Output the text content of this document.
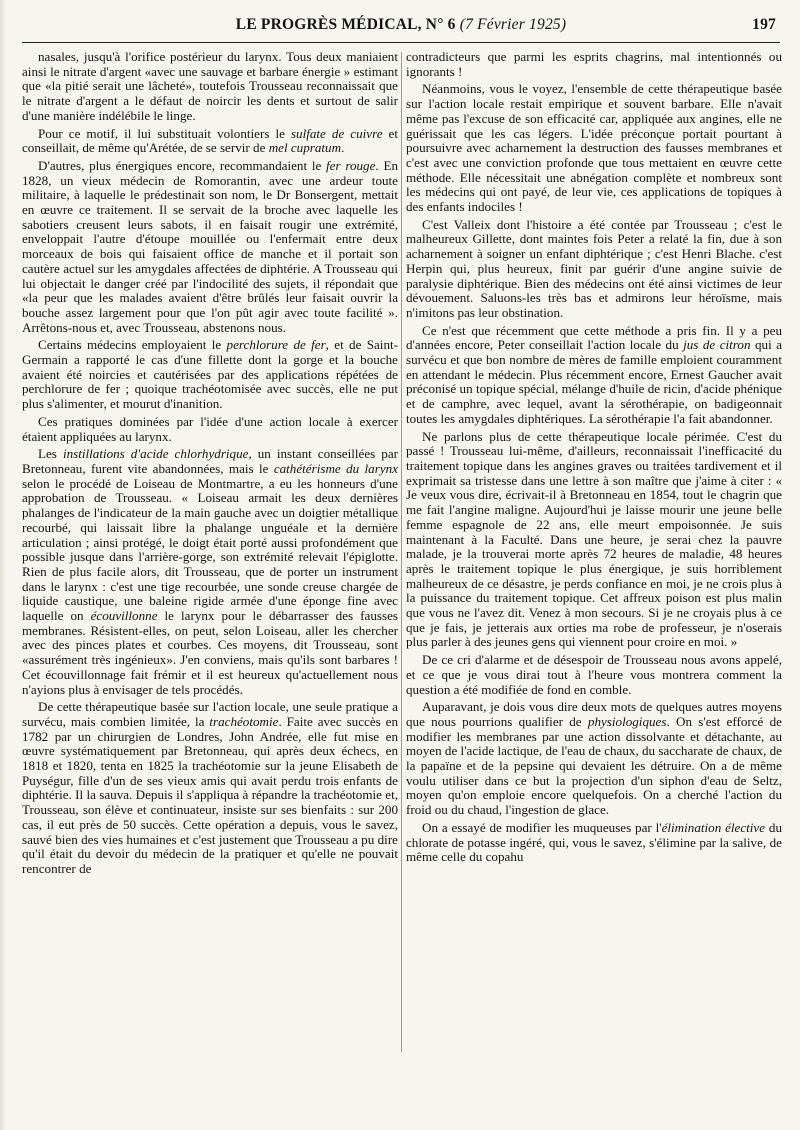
LE PROGRÈS MÉDICAL, N° 6 (7 Février 1925)	197

nasales, jusqu'à l'orifice postérieur du larynx. Tous deux maniaient ainsi le nitrate d'argent «avec une sauvage et barbare énergie » estimant que «la pitié serait une lâcheté», toutefois Trousseau reconnaissait que le nitrate d'argent a le défaut de noircir les dents et surtout de salir d'une manière indélébile le linge.

Pour ce motif, il lui substituait volontiers le sulfate de cuivre et conseillait, de même qu'Arétée, de se servir de mel cupratum.

D'autres, plus énergiques encore, recommandaient le fer rouge. En 1828, un vieux médecin de Romorantin, avec une ardeur toute militaire, à laquelle le prédestinait son nom, le Dr Bonsergent, mettait en œuvre ce traitement. Il se servait de la broche avec laquelle les sabotiers creusent leurs sabots, il en faisait rougir une extrémité, enveloppait l'autre d'étoupe mouillée ou l'enfermait entre deux morceaux de bois qui faisaient office de manche et il portait son cautère actuel sur les amygdales affectées de diphtérie. A Trousseau qui lui objectait le danger créé par l'indocilité des sujets, il répondait que «la peur que les malades avaient d'être brûlés leur faisait ouvrir la bouche assez largement pour que l'on pût agir avec toute facilité ». Arrêtons-nous et, avec Trousseau, abstenons nous.

Certains médecins employaient le perchlorure de fer, et de Saint-Germain a rapporté le cas d'une fillette dont la gorge et la bouche avaient été noircies et cautérisées par des applications répétées de perchlorure de fer ; quoique trachéotomisée avec succès, elle ne put plus s'alimenter, et mourut d'inanition.

Ces pratiques dominées par l'idée d'une action locale à exercer étaient appliquées au larynx.

Les instillations d'acide chlorhydrique, un instant conseillées par Bretonneau, furent vite abandonnées, mais le cathétérisme du larynx selon le procédé de Loiseau de Montmartre, a eu les honneurs d'une approbation de Trousseau. « Loiseau armait les deux dernières phalanges de l'indicateur de la main gauche avec un doigtier métallique recourbé, qui laissait libre la phalange unguéale et la dernière articulation ; ainsi protégé, le doigt était porté aussi profondément que possible jusque dans l'arrière-gorge, son extrémité relevait l'épiglotte. Rien de plus facile alors, dit Trousseau, que de porter un instrument dans le larynx : c'est une tige recourbée, une sonde creuse chargée de liquide caustique, une baleine rigide armée d'une éponge fine avec laquelle on écouvillonne le larynx pour le débarrasser des fausses membranes. Résistent-elles, on peut, selon Loiseau, aller les chercher avec des pinces plates et courbes. Ces moyens, dit Trousseau, sont «assurément très ingénieux». J'en conviens, mais qu'ils sont barbares ! Cet écouvillonnage fait frémir et il est heureux qu'actuellement nous n'ayions plus à envisager de tels procédés.

De cette thérapeutique basée sur l'action locale, une seule pratique a survécu, mais combien limitée, la trachéotomie. Faite avec succès en 1782 par un chirurgien de Londres, John Andrée, elle fut mise en œuvre systématiquement par Bretonneau, qui après deux échecs, en 1818 et 1820, tenta en 1825 la trachéotomie sur la jeune Elisabeth de Puységur, fille d'un de ses vieux amis qui avait perdu trois enfants de diphtérie. Il la sauva. Depuis il s'appliqua à répandre la trachéotomie et, Trousseau, son élève et continuateur, insiste sur ses bienfaits : sur 200 cas, il eut près de 50 succès. Cette opération a depuis, vous le savez, sauvé bien des vies humaines et c'est justement que Trousseau a pu dire qu'il était du devoir du médecin de la pratiquer et qu'elle ne pouvait rencontrer de

contradicteurs que parmi les esprits chagrins, mal intentionnés ou ignorants !

Néanmoins, vous le voyez, l'ensemble de cette thérapeutique basée sur l'action locale restait empirique et souvent barbare. Elle n'avait même pas l'excuse de son efficacité car, appliquée aux angines, elle ne guérissait que les cas légers. L'idée préconçue portait pourtant à poursuivre avec acharnement la destruction des fausses membranes et c'est avec une conviction profonde que tous mettaient en œuvre cette méthode. Elle nécessitait une abnégation complète et nombreux sont les médecins qui ont payé, de leur vie, ces applications de topiques à des enfants indociles !

C'est Valleix dont l'histoire a été contée par Trousseau ; c'est le malheureux Gillette, dont maintes fois Peter a relaté la fin, due à son acharnement à soigner un enfant diphtérique ; c'est Henri Blache. c'est Herpin qui, plus heureux, finit par guérir d'une angine suivie de paralysie diphtérique. Bien des médecins ont été ainsi victimes de leur dévouement. Saluons-les très bas et admirons leur héroïsme, mais n'imitons pas leur obstination.

Ce n'est que récemment que cette méthode a pris fin. Il y a peu d'années encore, Peter conseillait l'action locale du jus de citron qui a survécu et que bon nombre de mères de famille emploient couramment en attendant le médecin. Plus récemment encore, Ernest Gaucher avait préconisé un topique spécial, mélange d'huile de ricin, d'acide phénique et de camphre, avec lequel, avant la sérothérapie, on badigeonnait toutes les amygdales diphtériques. La sérothérapie l'a fait abandonner.

Ne parlons plus de cette thérapeutique locale périmée. C'est du passé ! Trousseau lui-même, d'ailleurs, reconnaissait l'inefficacité du traitement topique dans les angines graves ou traitées tardivement et il exprimait sa tristesse dans une lettre à son maître que j'aime à citer : « Je veux vous dire, écrivait-il à Bretonneau en 1854, tout le chagrin que me fait l'angine maligne. Aujourd'hui je laisse mourir une jeune belle femme espagnole de 22 ans, elle meurt empoisonnée. Je suis maintenant à la Faculté. Dans une heure, je serai chez la pauvre malade, je la trouverai morte après 72 heures de maladie, 48 heures après le traitement topique le plus énergique, je suis horriblement malheureux de ce désastre, je perds confiance en moi, je ne crois plus à la puissance du traitement topique. Cet affreux poison est plus malin que vous ne l'avez dit. Venez à mon secours. Si je ne croyais plus à ce que je fais, je jetterais aux orties ma robe de professeur, je n'oserais plus parler à des jeunes gens qui viennent pour croire en moi. »

De ce cri d'alarme et de désespoir de Trousseau nous avons appelé, et ce que je vous dirai tout à l'heure vous montrera comment la question a été modifiée de fond en comble.

Auparavant, je dois vous dire deux mots de quelques autres moyens que nous pourrions qualifier de physiologiques. On s'est efforcé de modifier les membranes par une action dissolvante et détachante, au moyen de l'acide lactique, de l'eau de chaux, du saccharate de chaux, de la papaïne et de la pepsine qui devaient les détruire. On a de même voulu utiliser dans ce but la projection d'un siphon d'eau de Seltz, moyen qu'on emploie encore quelquefois. On a cherché l'action du froid ou du chaud, l'ingestion de glace.

On a essayé de modifier les muqueuses par l'élimination élective du chlorate de potasse ingéré, qui, vous le savez, s'élimine par la salive, de même celle du copahu
